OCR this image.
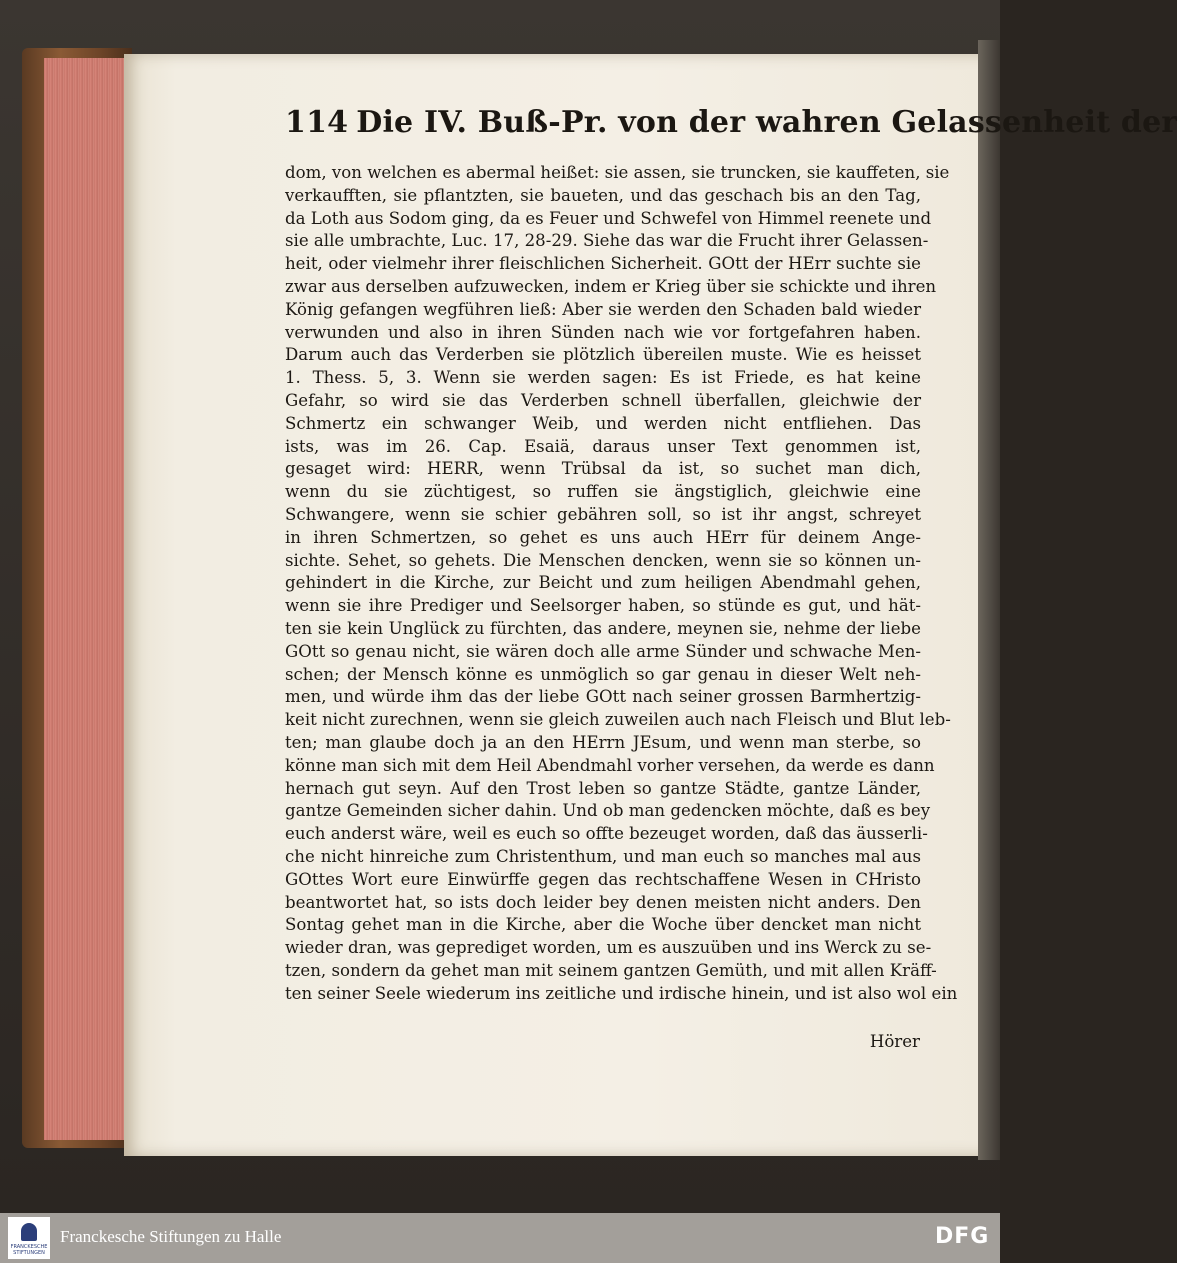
114 Die IV. Buß-Pr. von der wahren Gelassenheit der
dom, von welchen es abermal heißet: sie assen, sie truncken, sie kauffeten, sie
verkaufften, sie pflantzten, sie baueten, und das geschach bis an den Tag,
da Loth aus Sodom ging, da es Feuer und Schwefel von Himmel reenete und
sie alle umbrachte, Luc. 17, 28-29. Siehe das war die Frucht ihrer Gelassen-
heit, oder vielmehr ihrer fleischlichen Sicherheit. GOtt der HErr suchte sie
zwar aus derselben aufzuwecken, indem er Krieg über sie schickte und ihren
König gefangen wegführen ließ: Aber sie werden den Schaden bald wieder
verwunden und also in ihren Sünden nach wie vor fortgefahren haben.
Darum auch das Verderben sie plötzlich übereilen muste. Wie es heisset
1. Thess. 5, 3. Wenn sie werden sagen: Es ist Friede, es hat keine
Gefahr, so wird sie das Verderben schnell überfallen, gleichwie der
Schmertz ein schwanger Weib, und werden nicht entfliehen. Das
ists, was im 26. Cap. Esaiä, daraus unser Text genommen ist,
gesaget wird: HERR, wenn Trübsal da ist, so suchet man dich,
wenn du sie züchtigest, so ruffen sie ängstiglich, gleichwie eine
Schwangere, wenn sie schier gebähren soll, so ist ihr angst, schreyet
in ihren Schmertzen, so gehet es uns auch HErr für deinem Ange-
sichte. Sehet, so gehets. Die Menschen dencken, wenn sie so können un-
gehindert in die Kirche, zur Beicht und zum heiligen Abendmahl gehen,
wenn sie ihre Prediger und Seelsorger haben, so stünde es gut, und hät-
ten sie kein Unglück zu fürchten, das andere, meynen sie, nehme der liebe
GOtt so genau nicht, sie wären doch alle arme Sünder und schwache Men-
schen; der Mensch könne es unmöglich so gar genau in dieser Welt neh-
men, und würde ihm das der liebe GOtt nach seiner grossen Barmhertzig-
keit nicht zurechnen, wenn sie gleich zuweilen auch nach Fleisch und Blut leb-
ten; man glaube doch ja an den HErrn JEsum, und wenn man sterbe, so
könne man sich mit dem Heil Abendmahl vorher versehen, da werde es dann
hernach gut seyn. Auf den Trost leben so gantze Städte, gantze Länder,
gantze Gemeinden sicher dahin. Und ob man gedencken möchte, daß es bey
euch anderst wäre, weil es euch so offte bezeuget worden, daß das äusserli-
che nicht hinreiche zum Christenthum, und man euch so manches mal aus
GOttes Wort eure Einwürffe gegen das rechtschaffene Wesen in CHristo
beantwortet hat, so ists doch leider bey denen meisten nicht anders. Den
Sontag gehet man in die Kirche, aber die Woche über dencket man nicht
wieder dran, was geprediget worden, um es auszuüben und ins Werck zu se-
tzen, sondern da gehet man mit seinem gantzen Gemüth, und mit allen Kräff-
ten seiner Seele wiederum ins zeitliche und irdische hinein, und ist also wol ein
Hörer
FRANCKESCHE
STIFTUNGEN
Franckesche Stiftungen zu Halle	DFG
